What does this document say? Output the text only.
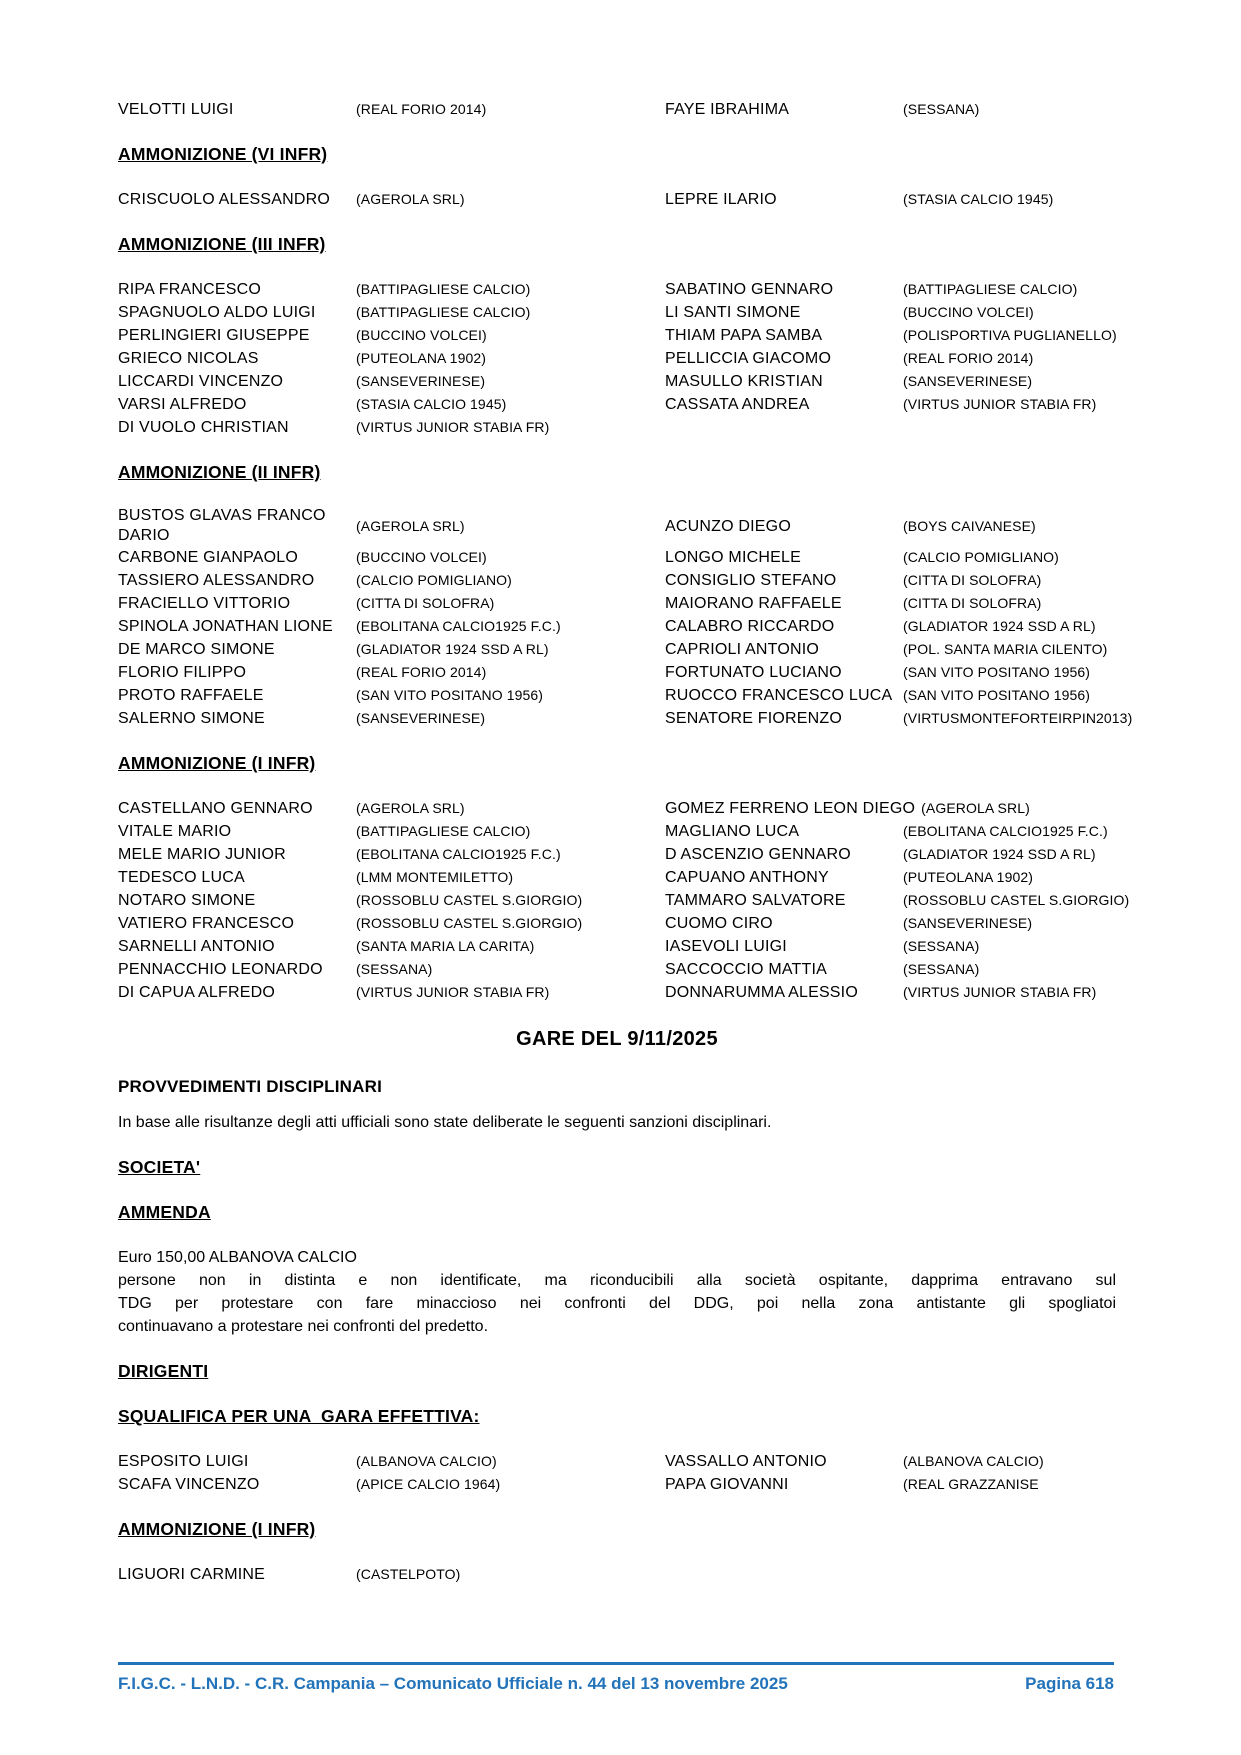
VELOTTI LUIGI	(REAL FORIO 2014)	FAYE IBRAHIMA	(SESSANA)
AMMONIZIONE (VI INFR)
CRISCUOLO ALESSANDRO	(AGEROLA SRL)	LEPRE ILARIO	(STASIA CALCIO 1945)
AMMONIZIONE (III INFR)
RIPA FRANCESCO	(BATTIPAGLIESE CALCIO)	SABATINO GENNARO	(BATTIPAGLIESE CALCIO)
SPAGNUOLO ALDO LUIGI	(BATTIPAGLIESE CALCIO)	LI SANTI SIMONE	(BUCCINO VOLCEI)
PERLINGIERI GIUSEPPE	(BUCCINO VOLCEI)	THIAM PAPA SAMBA	(POLISPORTIVA PUGLIANELLO)
GRIECO NICOLAS	(PUTEOLANA 1902)	PELLICCIA GIACOMO	(REAL FORIO 2014)
LICCARDI VINCENZO	(SANSEVERINESE)	MASULLO KRISTIAN	(SANSEVERINESE)
VARSI ALFREDO	(STASIA CALCIO 1945)	CASSATA ANDREA	(VIRTUS JUNIOR STABIA FR)
DI VUOLO CHRISTIAN	(VIRTUS JUNIOR STABIA FR)
AMMONIZIONE (II INFR)
BUSTOS GLAVAS FRANCO DARIO
(AGEROLA SRL)	ACUNZO DIEGO	(BOYS CAIVANESE)
CARBONE GIANPAOLO	(BUCCINO VOLCEI)	LONGO MICHELE	(CALCIO POMIGLIANO)
TASSIERO ALESSANDRO	(CALCIO POMIGLIANO)	CONSIGLIO STEFANO	(CITTA DI SOLOFRA)
FRACIELLO VITTORIO	(CITTA DI SOLOFRA)	MAIORANO RAFFAELE	(CITTA DI SOLOFRA)
SPINOLA JONATHAN LIONE	(EBOLITANA CALCIO1925 F.C.)	CALABRO RICCARDO	(GLADIATOR 1924 SSD A RL)
DE MARCO SIMONE	(GLADIATOR 1924 SSD A RL)	CAPRIOLI ANTONIO	(POL. SANTA MARIA CILENTO)
FLORIO FILIPPO	(REAL FORIO 2014)	FORTUNATO LUCIANO	(SAN VITO POSITANO 1956)
PROTO RAFFAELE	(SAN VITO POSITANO 1956)	RUOCCO FRANCESCO LUCA (SAN VITO POSITANO 1956)
SALERNO SIMONE	(SANSEVERINESE)	SENATORE FIORENZO	(VIRTUSMONTEFORTEIRPIN2013)
AMMONIZIONE (I INFR)
CASTELLANO GENNARO	(AGEROLA SRL)	GOMEZ FERRENO LEON DIEGO (AGEROLA SRL)
VITALE MARIO	(BATTIPAGLIESE CALCIO)	MAGLIANO LUCA	(EBOLITANA CALCIO1925 F.C.)
MELE MARIO JUNIOR	(EBOLITANA CALCIO1925 F.C.)	D ASCENZIO GENNARO	(GLADIATOR 1924 SSD A RL)
TEDESCO LUCA	(LMM MONTEMILETTO)	CAPUANO ANTHONY	(PUTEOLANA 1902)
NOTARO SIMONE	(ROSSOBLU CASTEL S.GIORGIO)	TAMMARO SALVATORE	(ROSSOBLU CASTEL S.GIORGIO)
VATIERO FRANCESCO	(ROSSOBLU CASTEL S.GIORGIO)	CUOMO CIRO	(SANSEVERINESE)
SARNELLI ANTONIO	(SANTA MARIA LA CARITA)	IASEVOLI LUIGI	(SESSANA)
PENNACCHIO LEONARDO	(SESSANA)	SACCOCCIO MATTIA	(SESSANA)
DI CAPUA ALFREDO	(VIRTUS JUNIOR STABIA FR)	DONNARUMMA ALESSIO	(VIRTUS JUNIOR STABIA FR)
GARE DEL 9/11/2025
PROVVEDIMENTI DISCIPLINARI
In base alle risultanze degli atti ufficiali sono state deliberate le seguenti sanzioni disciplinari.
SOCIETA'
AMMENDA
Euro 150,00 ALBANOVA CALCIO
persone non in distinta e non identificate, ma riconducibili alla società ospitante, dapprima entravano sul
TDG per protestare con fare minaccioso nei confronti del DDG, poi nella zona antistante gli spogliatoi
continuavano a protestare nei confronti del predetto.
DIRIGENTI
SQUALIFICA PER UNA  GARA EFFETTIVA:
ESPOSITO LUIGI	(ALBANOVA CALCIO)	VASSALLO ANTONIO	(ALBANOVA CALCIO)
SCAFA VINCENZO	(APICE CALCIO 1964)	PAPA GIOVANNI	(REAL GRAZZANISE
AMMONIZIONE (I INFR)
LIGUORI CARMINE	(CASTELPOTO)
F.I.G.C. - L.N.D. - C.R. Campania – Comunicato Ufficiale n. 44 del 13 novembre 2025	Pagina 618
